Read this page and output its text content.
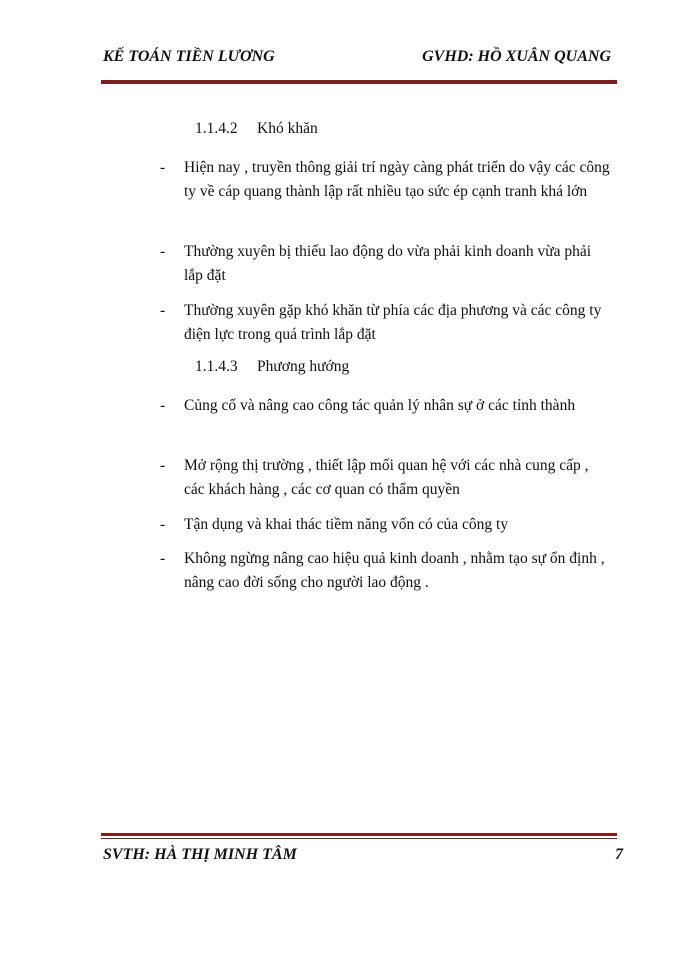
KẾ TOÁN TIỀN LƯƠNG	GVHD: HỒ XUÂN QUANG
1.1.4.2 Khó khăn
- Hiện nay , truyền thông giải trí ngày càng phát triển do vậy các công ty về cáp quang thành lập rất nhiều tạo sức ép cạnh tranh khá lớn
- Thường xuyên bị thiếu lao động do vừa phải kinh doanh vừa phải lắp đặt
- Thường xuyên gặp khó khăn từ phía các địa phương và các công ty điện lực trong quá trình lắp đặt
1.1.4.3 Phương hướng
- Củng cố và nâng cao công tác quản lý nhân sự ở các tỉnh thành
- Mở rộng thị trường , thiết lập mối quan hệ với các nhà cung cấp , các khách hàng , các cơ quan có thẩm quyền
- Tận dụng và khai thác tiềm năng vốn có của công ty
- Không ngừng nâng cao hiệu quả kinh doanh , nhằm tạo sự ổn định , nâng cao đời sống cho người lao động .
SVTH: HÀ THỊ MINH TÂM	7
